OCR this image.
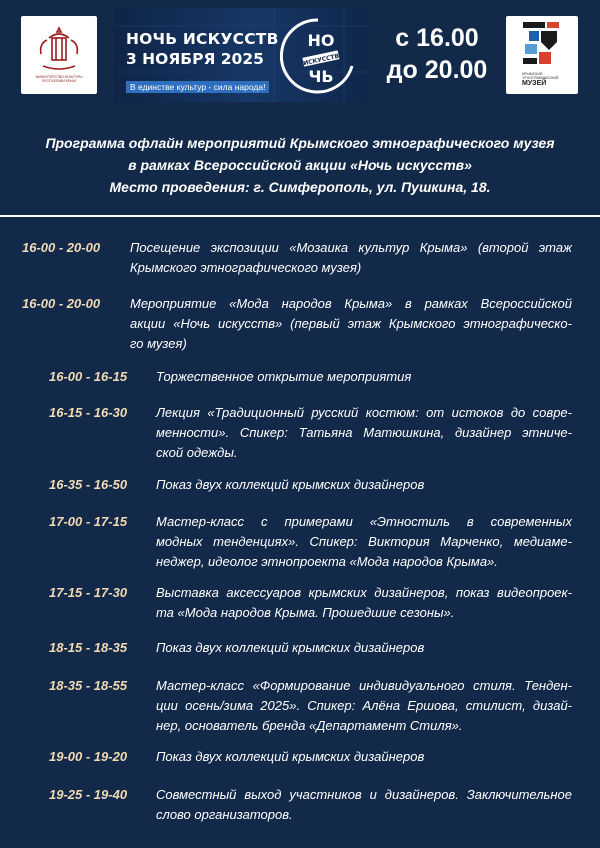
МИНИСТЕРСТВО КУЛЬТУРЫ РЕСПУБЛИКИ КРЫМ
НОЧЬ ИСКУССТВ
3 НОЯБРЯ 2025
В единстве культур - сила народа!
НО
ИСКУССТВ
ЧЬ
с 16.00
до 20.00	КРЫМСКИЙ
ЭТНОГРАФИЧЕСКИЙ
МУЗЕЙ
Программа офлайн мероприятий Крымского этнографического музея
в рамках Всероссийской акции «Ночь искусств»
Место проведения: г. Симферополь, ул. Пушкина, 18.
16-00 - 20-00 Посещение экспозиции «Мозаика культур Крыма» (второй этаж
Крымского этнографического музея)
16-00 - 20-00 Мероприятие «Мода народов Крыма» в рамках Всероссийской
акции «Ночь искусств» (первый этаж Крымского этнографическо-
го музея)
16-00 - 16-15 Торжественное открытие мероприятия
16-15 - 16-30 Лекция «Традиционный русский костюм: от истоков до совре-
менности». Спикер: Татьяна Матюшкина, дизайнер этниче-
ской одежды.
16-35 - 16-50 Показ двух коллекций крымских дизайнеров
17-00 - 17-15 Мастер-класс с примерами «Этностиль в современных
модных тенденциях». Спикер: Виктория Марченко, медиаме-
неджер, идеолог этнопроекта «Мода народов Крыма».
17-15 - 17-30 Выставка аксессуаров крымских дизайнеров, показ видеопроек-
та «Мода народов Крыма. Прошедшие сезоны».
18-15 - 18-35 Показ двух коллекций крымских дизайнеров
18-35 - 18-55 Мастер-класс «Формирование индивидуального стиля. Тенден-
ции осень/зима 2025». Спикер: Алёна Ершова, стилист, дизай-
нер, основатель бренда «Департамент Стиля».
19-00 - 19-20 Показ двух коллекций крымских дизайнеров
19-25 - 19-40 Совместный выход участников и дизайнеров. Заключительное
слово организаторов.
